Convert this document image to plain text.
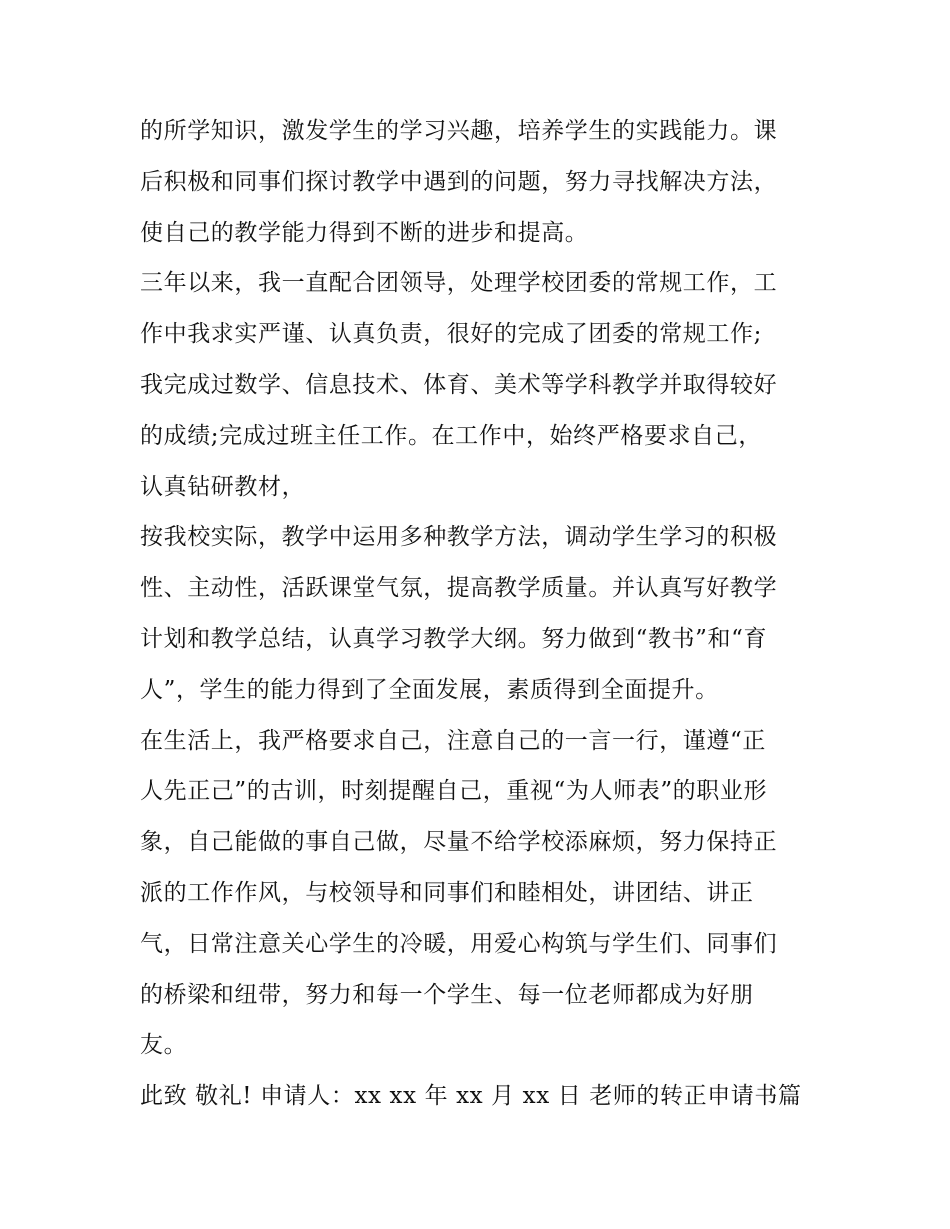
的所学知识，激发学生的学习兴趣，培养学生的实践能力。课
后积极和同事们探讨教学中遇到的问题，努力寻找解决方法，
使自己的教学能力得到不断的进步和提高。
三年以来，我一直配合团领导，处理学校团委的常规工作，工
作中我求实严谨、认真负责，很好的完成了团委的常规工作;
我完成过数学、信息技术、体育、美术等学科教学并取得较好
的成绩;完成过班主任工作。在工作中，始终严格要求自己，
认真钻研教材，
按我校实际，教学中运用多种教学方法，调动学生学习的积极
性、主动性，活跃课堂气氛，提高教学质量。并认真写好教学
计划和教学总结，认真学习教学大纲。努力做到“教书”和“育
人”，学生的能力得到了全面发展，素质得到全面提升。
在生活上，我严格要求自己，注意自己的一言一行，谨遵“正
人先正己”的古训，时刻提醒自己，重视“为人师表”的职业形
象，自己能做的事自己做，尽量不给学校添麻烦，努力保持正
派的工作作风，与校领导和同事们和睦相处，讲团结、讲正
气，日常注意关心学生的冷暖，用爱心构筑与学生们、同事们
的桥梁和纽带，努力和每一个学生、每一位老师都成为好朋
友。
此致 敬礼! 申请人：xx xx 年 xx 月 xx 日 老师的转正申请书篇
